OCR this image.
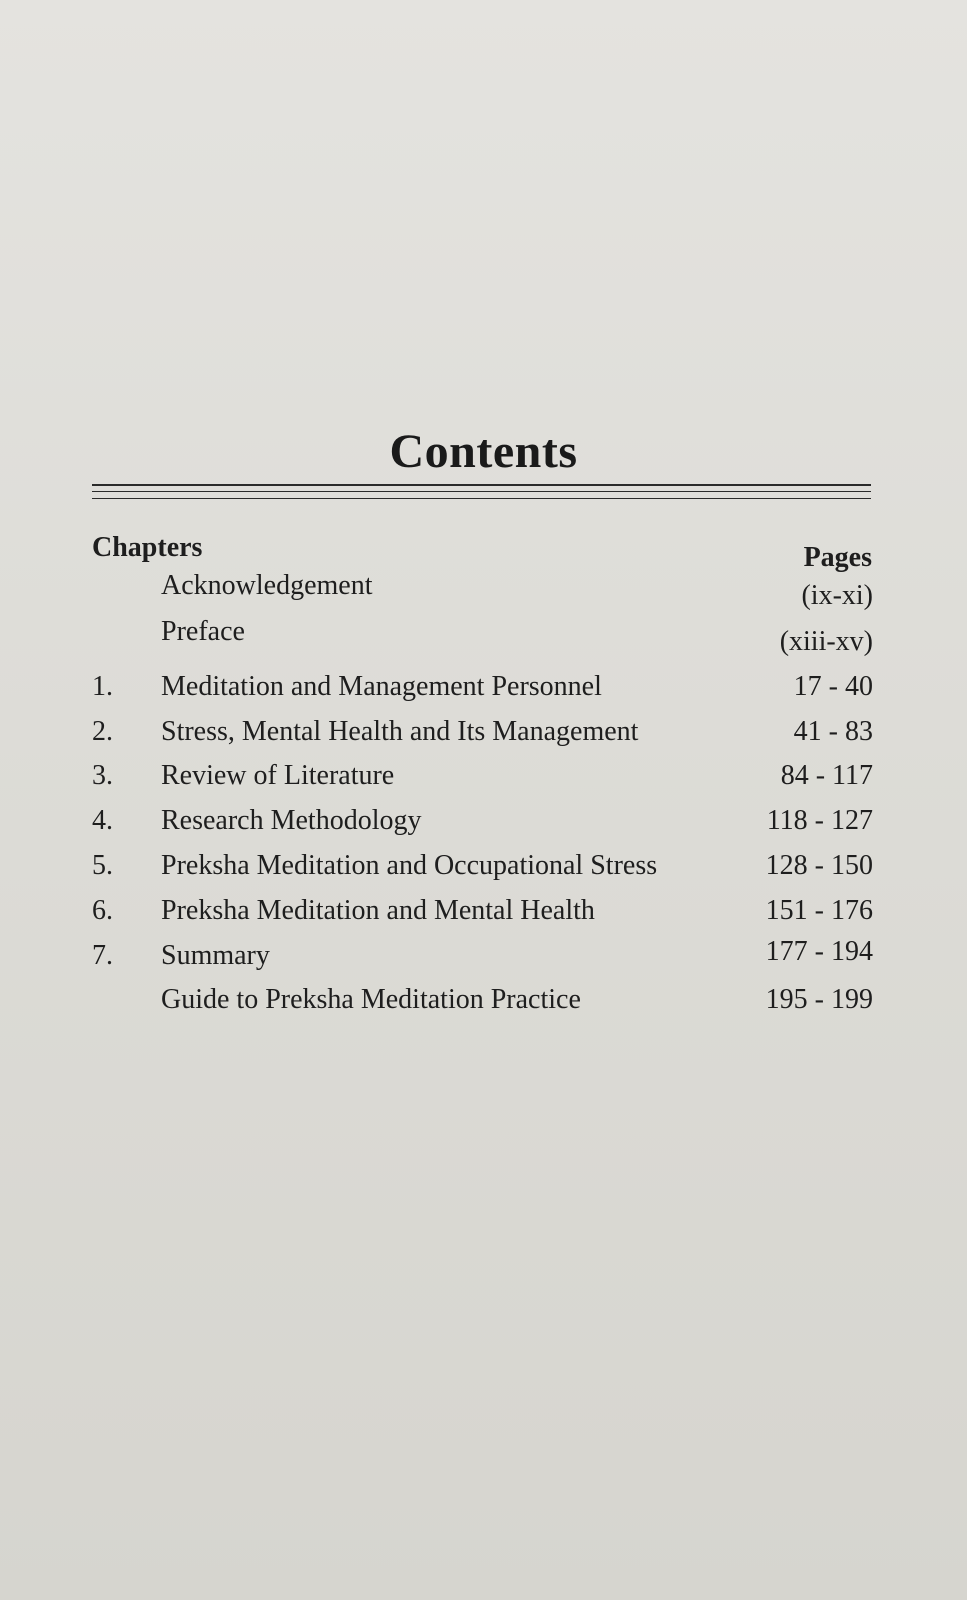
Contents
Chapters	Pages
Acknowledgement	(ix-xi)
Preface	(xiii-xv)
1. Meditation and Management Personnel	17 - 40
2. Stress, Mental Health and Its Management	41 - 83
3. Review of Literature	84 - 117
4. Research Methodology	118 - 127
5. Preksha Meditation and Occupational Stress	128 - 150
6. Preksha Meditation and Mental Health	151 - 176
7. Summary	177 - 194
Guide to Preksha Meditation Practice	195 - 199
